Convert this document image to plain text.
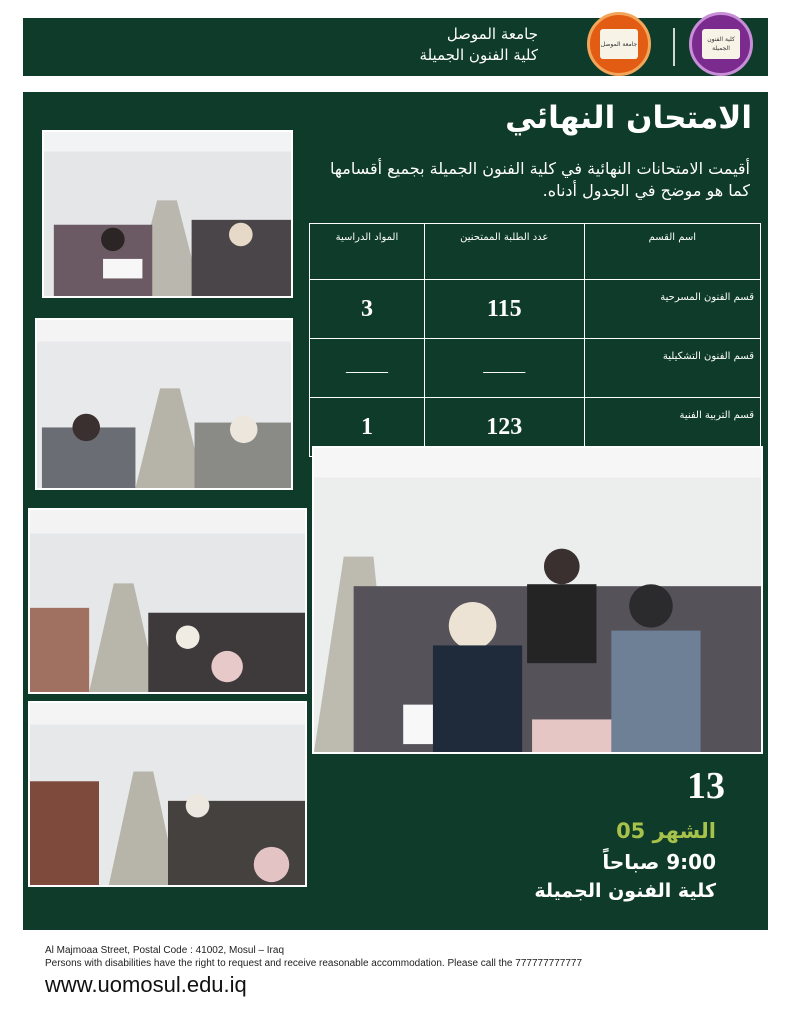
جامعة الموصل
كلية الفنون الجميلة
جامعة الموصل
كلية الفنون الجميلة
الامتحان النهائي
أقيمت الامتحانات النهائية في كلية الفنون الجميلة بجميع أقسامها كما هو موضح في الجدول أدناه.
اسم القسم	عدد الطلبة الممتحنين	المواد الدراسية
قسم الفنون المسرحية	115	3
قسم الفنون التشكيلية	______	______
قسم التربية الفنية	123	1
13
الشهر 05
9:00 صباحاً
كلية الفنون الجميلة
Al Majmoaa Street, Postal Code : 41002, Mosul – Iraq
Persons with disabilities have the right to request and receive reasonable accommodation. Please call the 777777777777
www.uomosul.edu.iq
